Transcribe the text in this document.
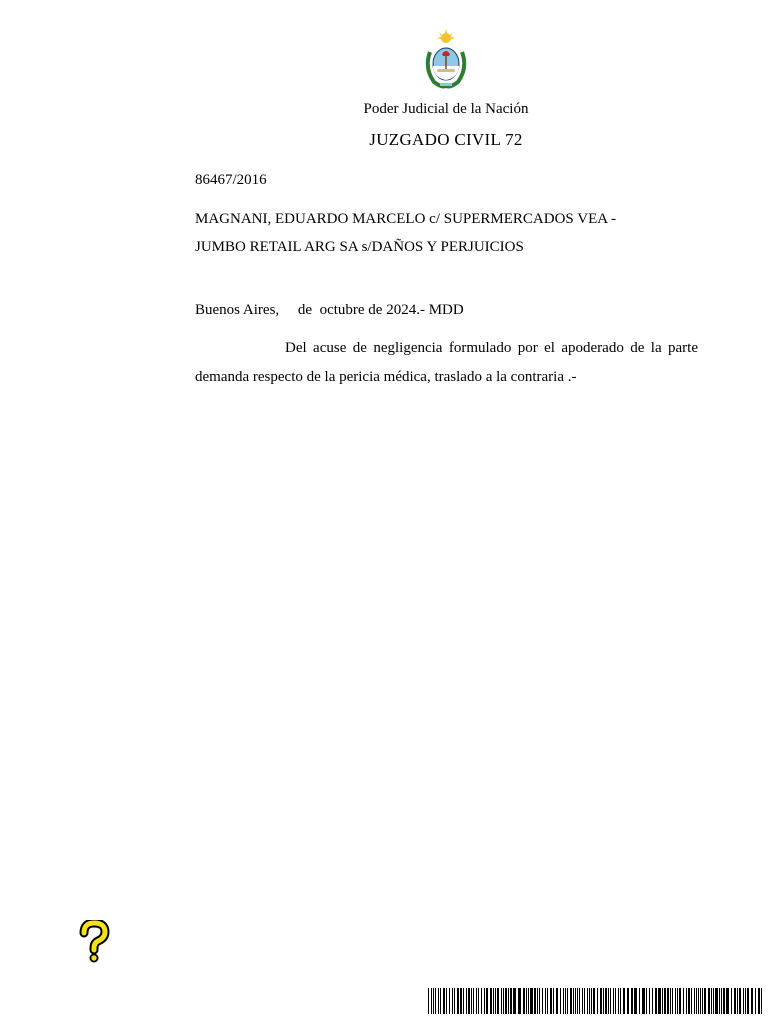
Poder Judicial de la Nación
JUZGADO CIVIL 72
86467/2016
MAGNANI, EDUARDO MARCELO c/ SUPERMERCADOS VEA -
JUMBO RETAIL ARG SA s/DAÑOS Y PERJUICIOS
Buenos Aires,     de  octubre de 2024.- MDD
Del acuse de negligencia formulado por el apoderado de la parte demanda respecto de la pericia médica, traslado a la contraria .-
